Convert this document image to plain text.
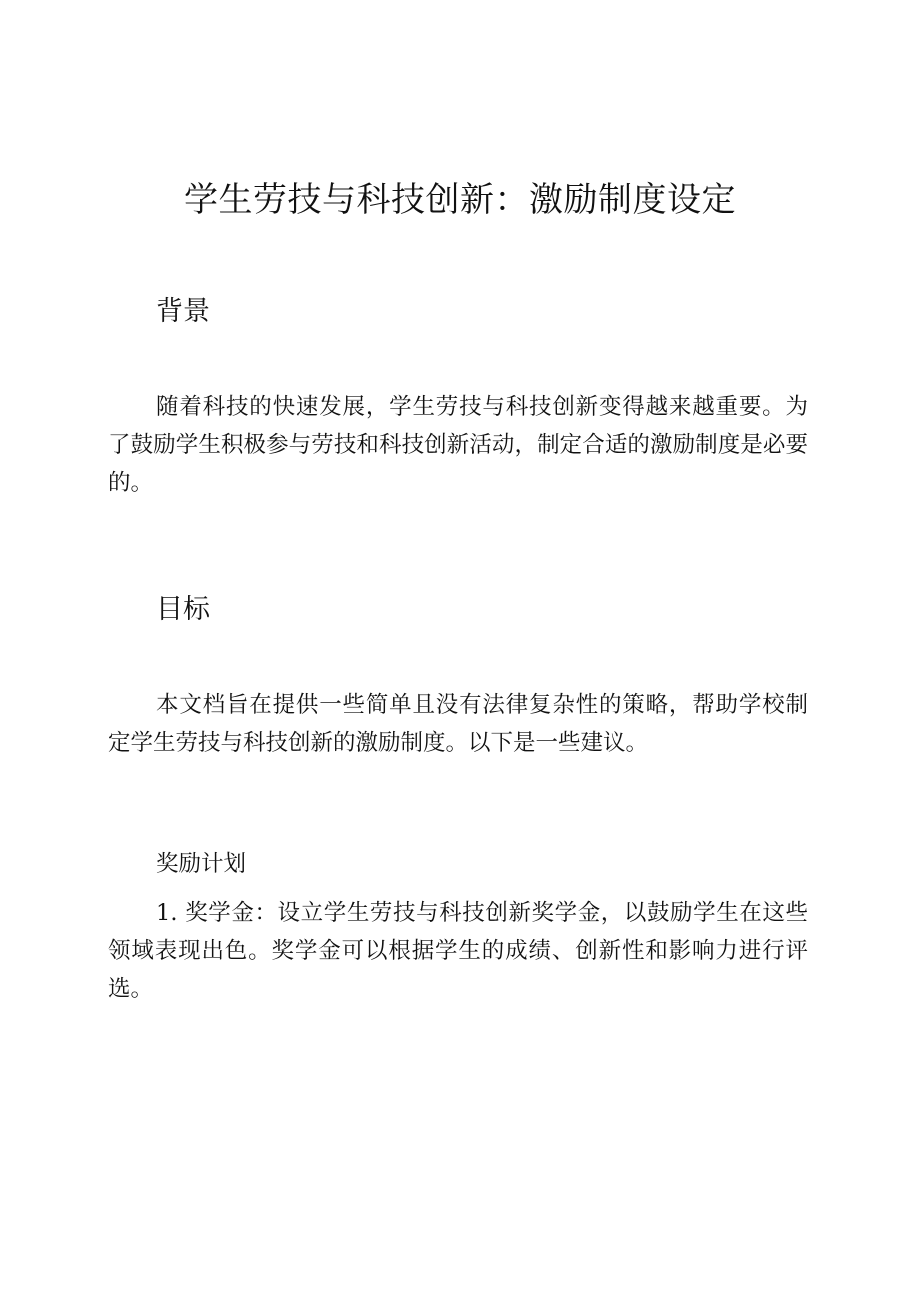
学生劳技与科技创新：激励制度设定
背景

随着科技的快速发展，学生劳技与科技创新变得越来越重要。为了鼓励学生积极参与劳技和科技创新活动，制定合适的激励制度是必要的。

目标

本文档旨在提供一些简单且没有法律复杂性的策略，帮助学校制定学生劳技与科技创新的激励制度。以下是一些建议。

奖励计划

1. 奖学金：设立学生劳技与科技创新奖学金，以鼓励学生在这些领域表现出色。奖学金可以根据学生的成绩、创新性和影响力进行评选。
